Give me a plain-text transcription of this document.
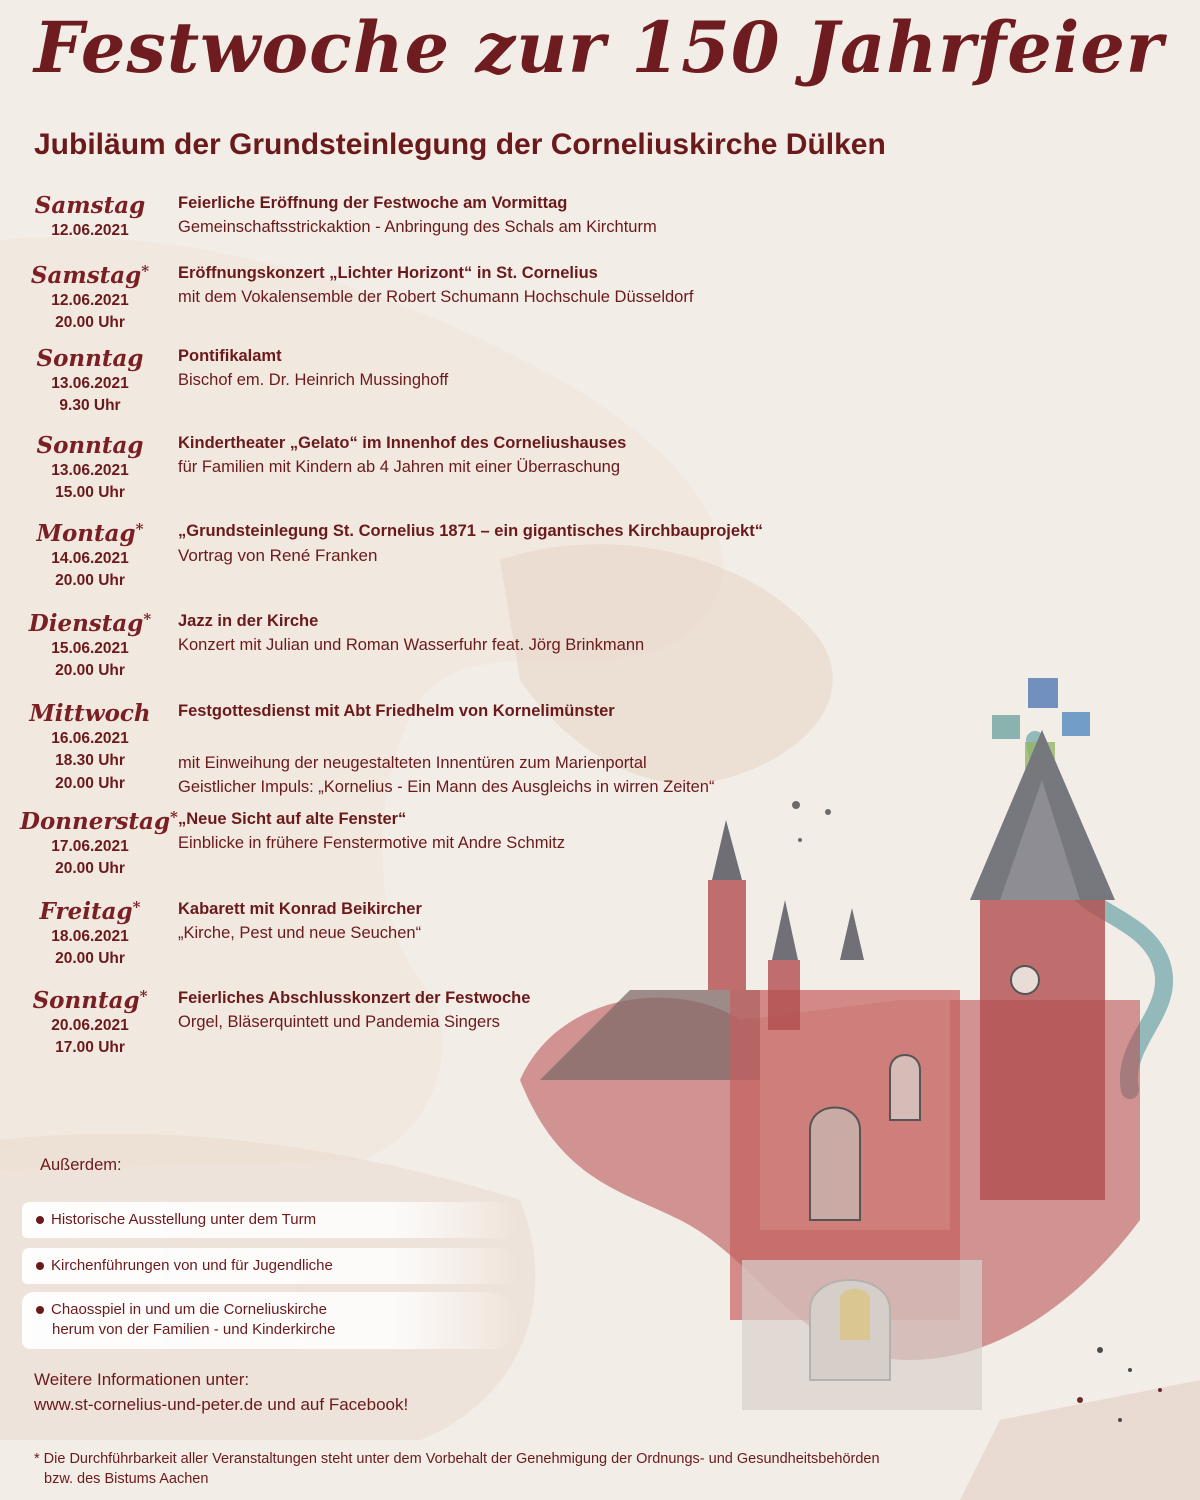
Festwoche zur 150 Jahrfeier
Jubiläum der Grundsteinlegung der Corneliuskirche Dülken
Samstag
12.06.2021
Feierliche Eröffnung der Festwoche am Vormittag
Gemeinschaftsstrickaktion - Anbringung des Schals am Kirchturm
Samstag*
12.06.2021
20.00 Uhr
Eröffnungskonzert „Lichter Horizont“ in St. Cornelius
mit dem Vokalensemble der Robert Schumann Hochschule Düsseldorf
Sonntag
13.06.2021
9.30 Uhr
Pontifikalamt
Bischof em. Dr. Heinrich Mussinghoff
Sonntag
13.06.2021
15.00 Uhr
Kindertheater „Gelato“ im Innenhof des Corneliushauses
für Familien mit Kindern ab 4 Jahren mit einer Überraschung
Montag*
14.06.2021
20.00 Uhr
„Grundsteinlegung St. Cornelius 1871 – ein gigantisches Kirchbauprojekt“
Vortrag von René Franken
Dienstag*
15.06.2021
20.00 Uhr
Jazz in der Kirche
Konzert mit Julian und Roman Wasserfuhr feat. Jörg Brinkmann
Mittwoch
16.06.2021
18.30 Uhr
20.00 Uhr
Festgottesdienst mit Abt Friedhelm von Kornelimünster
mit Einweihung der neugestalteten Innentüren zum Marienportal
Geistlicher Impuls: „Kornelius - Ein Mann des Ausgleichs in wirren Zeiten“
Donnerstag*
17.06.2021
20.00 Uhr
„Neue Sicht auf alte Fenster“
Einblicke in frühere Fenstermotive mit Andre Schmitz
Freitag*
18.06.2021
20.00 Uhr
Kabarett mit Konrad Beikircher
„Kirche, Pest und neue Seuchen“
Sonntag*
20.06.2021
17.00 Uhr
Feierliches Abschlusskonzert der Festwoche
Orgel, Bläserquintett und Pandemia Singers
Außerdem:
Historische Ausstellung unter dem Turm
Kirchenführungen von und für Jugendliche
Chaosspiel in und um die Corneliuskirche
herum von der Familien - und Kinderkirche
Weitere Informationen unter:
www.st-cornelius-und-peter.de und auf Facebook!
* Die Durchführbarkeit aller Veranstaltungen steht unter dem Vorbehalt der Genehmigung der Ordnungs- und Gesundheitsbehörden
bzw. des Bistums Aachen
